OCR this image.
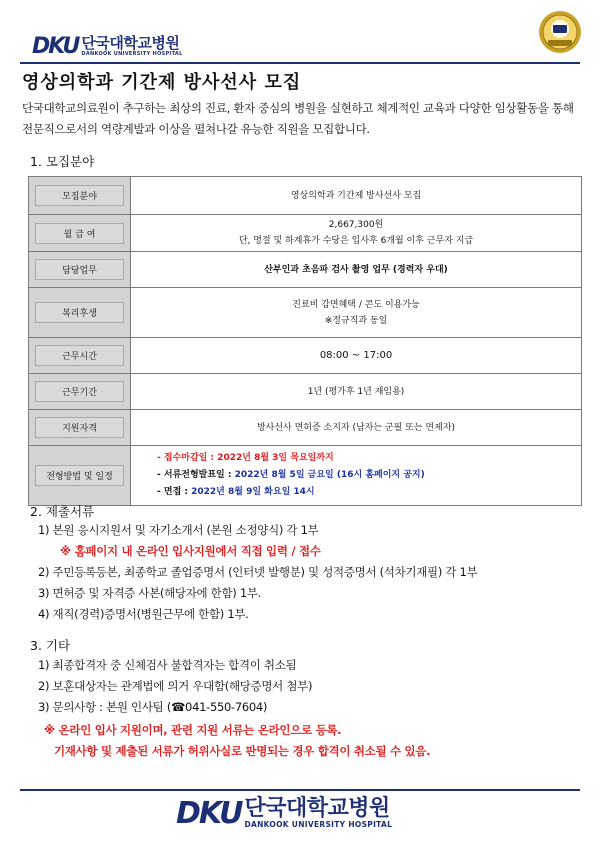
DKU 단국대학교병원
DANKOOK UNIVERSITY HOSPITAL
영상의학과 기간제 방사선사 모집
단국대학교의료원이 추구하는 최상의 진료, 환자 중심의 병원을 실현하고 체계적인 교육과 다양한 임상활동을 통해 전문직으로서의 역량계발과 이상을 펼쳐나갈 유능한 직원을 모집합니다.
1. 모집분야
모집분야	영상의학과 기간제 방사선사 모집

월 급 여	2,667,300원
단, 명절 및 하계휴가 수당은 입사후 6개월 이후 근무자 지급

담당업무	산부인과 초음파 검사 촬영 업무 (경력자 우대)

복리후생	진료비 감면혜택 / 콘도 이용가능
※정규직과 동일

근무시간	08:00 ~ 17:00

근무기간	1년 (평가후 1년 재임용)

지원자격	방사선사 면허증 소지자 (남자는 군필 또는 면제자)

전형방법 및 일정	- 접수마감일 : 2022년 8월 3일 목요일까지
- 서류전형발표일 : 2022년 8월 5일 금요일 (16시 홈페이지 공지)
- 면접 : 2022년 8월 9일 화요일 14시
2. 제출서류
1) 본원 응시지원서 및 자기소개서 (본원 소정양식) 각 1부
※ 홈페이지 내 온라인 입사지원에서 직접 입력 / 접수
2) 주민등록등본, 최종학교 졸업증명서 (인터넷 발행분) 및 성적증명서 (석차기재필) 각 1부
3) 면허증 및 자격증 사본(해당자에 한함) 1부.
4) 재직(경력)증명서(병원근무에 한함) 1부.
3. 기타
1) 최종합격자 중 신체검사 불합격자는 합격이 취소됨
2) 보훈대상자는 관계법에 의거 우대함(해당증명서 첨부)
3) 문의사항 : 본원 인사팀 (☎041-550-7604)
※ 온라인 입사 지원이며, 관련 지원 서류는 온라인으로 등록.
기재사항 및 제출된 서류가 허위사실로 판명되는 경우 합격이 취소될 수 있음.
DKU 단국대학교병원
DANKOOK UNIVERSITY HOSPITAL
